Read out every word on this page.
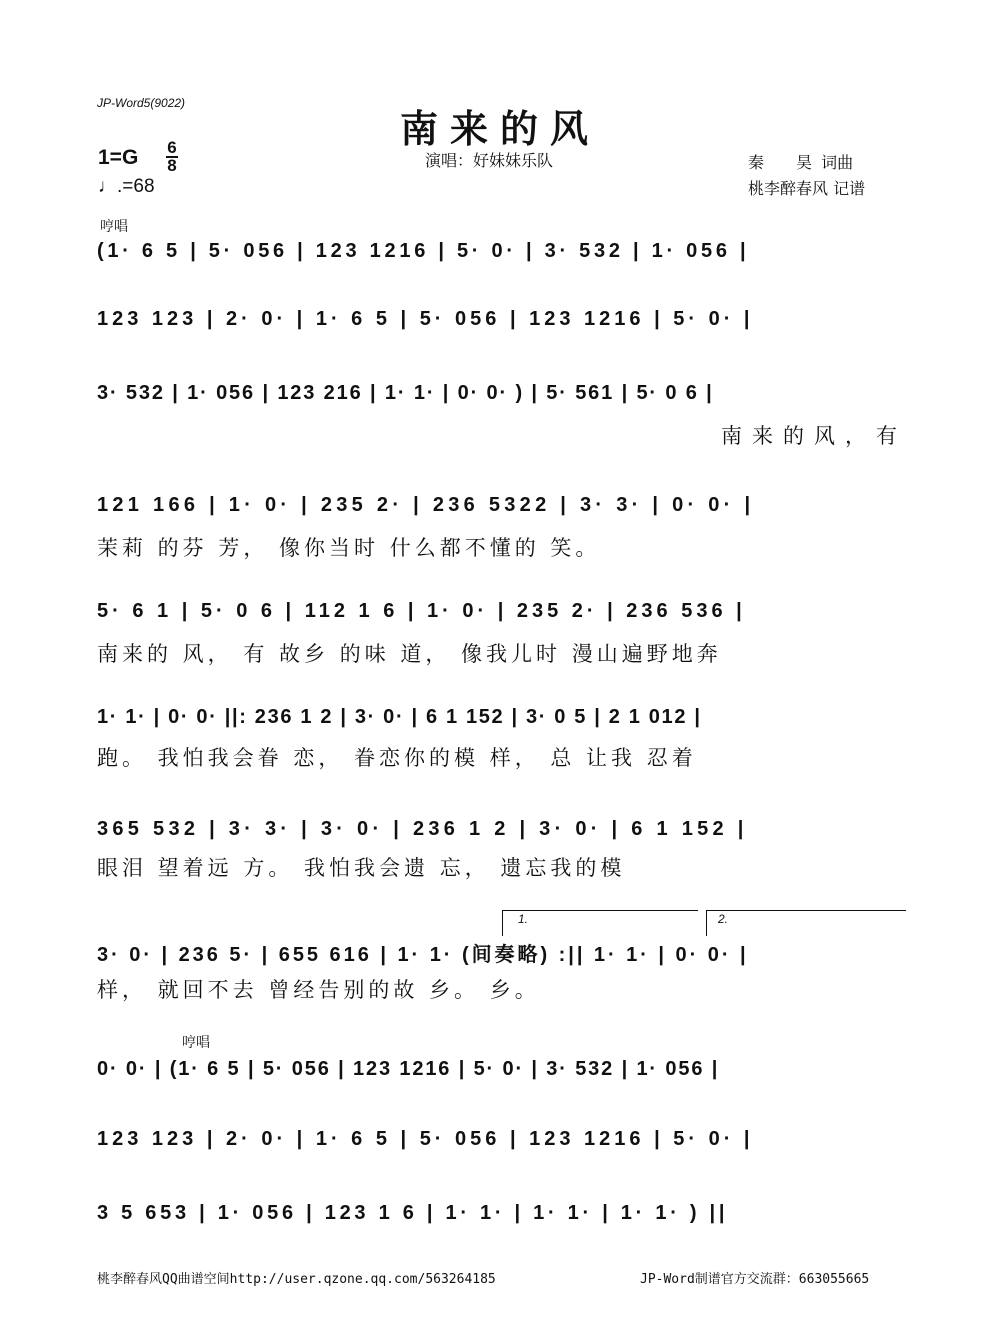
JP-Word5(9022)
南来的风
1=G 6
8
♩.=68
演唱：好妹妹乐队	秦　　昊 词曲
桃李醉春风 记谱
哼唱
(1· 6 5 | 5· 056 | 123 1216 | 5· 0· | 3· 532 | 1· 056 |
123 123 | 2· 0· | 1· 6 5 | 5· 056 | 123 1216 | 5· 0· |
3· 532 | 1· 056 | 123 216 | 1· 1· | 0· 0· ) | 5· 561 | 5· 0 6 |
南来的风，有
121 166 | 1· 0· | 235 2· | 236 5322 | 3· 3· | 0· 0· |
茉莉 的芬 芳， 像你当时 什么都不懂的 笑。
5· 6 1 | 5· 0 6 | 112 1 6 | 1· 0· | 235 2· | 236 536 |
南来的 风， 有 故乡 的味 道， 像我儿时 漫山遍野地奔
1· 1· | 0· 0· ||: 236 1 2 | 3· 0· | 6 1 152 | 3· 0 5 | 2 1 012 |
跑。 我怕我会眷 恋， 眷恋你的模 样， 总 让我 忍着
365 532 | 3· 3· | 3· 0· | 236 1 2 | 3· 0· | 6 1 152 |
眼泪 望着远 方。 我怕我会遗 忘， 遗忘我的模
1.	2.
3· 0· | 236 5· | 655 616 | 1· 1· (间奏略) :|| 1· 1· | 0· 0· |
样， 就回不去 曾经告别的故 乡。 乡。
哼唱
0· 0· | (1· 6 5 | 5· 056 | 123 1216 | 5· 0· | 3· 532 | 1· 056 |
123 123 | 2· 0· | 1· 6 5 | 5· 056 | 123 1216 | 5· 0· |
3 5 653 | 1· 056 | 123 1 6 | 1· 1· | 1· 1· | 1· 1· ) ||
桃李醉春风QQ曲谱空间http://user.qzone.qq.com/563264185	JP-Word制谱官方交流群：663055665
